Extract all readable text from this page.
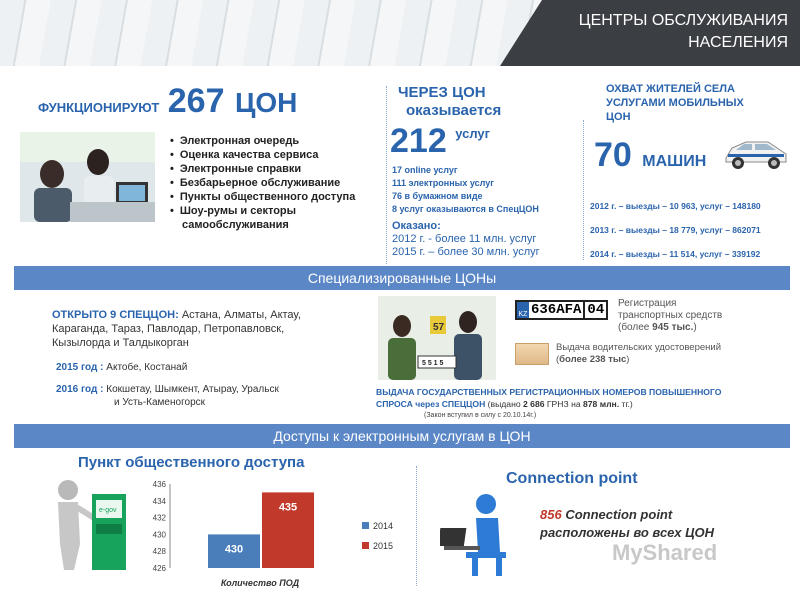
ЦЕНТРЫ ОБСЛУЖИВАНИЯ
НАСЕЛЕНИЯ
ФУНКЦИОНИРУЮТ 267 ЦОН
• Электронная очередь
• Оценка качества сервиса
• Электронные справки
• Безбарьерное обслуживание
• Пункты общественного доступа
• Шоу-румы и секторы
самообслуживания
ЧЕРЕЗ ЦОН
оказывается
212 $^{услуг}$
17 online услуг
111 электронных услуг
76 в бумажном виде
8 услуг оказываются в СпецЦОН
Оказано:
2012 г. - более 11 млн. услуг
2015 г. – более 30 млн. услуг
ОХВАТ ЖИТЕЛЕЙ СЕЛА
УСЛУГАМИ МОБИЛЬНЫХ
ЦОН
70 МАШИН
2012 г. – выезды – 10 963, услуг – 148180
2013 г. – выезды – 18 779, услуг – 862071
2014 г. – выезды – 11 514, услуг – 339192
Специализированные ЦОНы
ОТКРЫТО 9 СПЕЦЦОН: Астана, Алматы, Актау,
Караганда, Тараз, Павлодар, Петропавловск,
Кызылорда и Талдыкорган
2015 год : Актобе, Костанай
2016 год : Кокшетау, Шымкент, Атырау, Уральск
и Усть-Каменогорск
57
5 5 1 5
KZ 636AFA 04 Регистрация
транспортных средств
(более 945 тыс.)
Выдача водительских удостоверений
(более 238 тыс)
ВЫДАЧА ГОСУДАРСТВЕННЫХ РЕГИСТРАЦИОННЫХ НОМЕРОВ ПОВЫШЕННОГО
СПРОСА через СПЕЦЦОН (выдано 2 686 ГРНЗ на 878 млн. тг.)
(Закон вступил в силу с 20.10.14г.)
Доступы к электронным услугам в ЦОН
Пункт общественного доступа
e-gov
436
434
432
430
428
426
430
435
2014
2015
Количество ПОД
Connection point
856 Connection point
расположены во всех ЦОН
MyShared
